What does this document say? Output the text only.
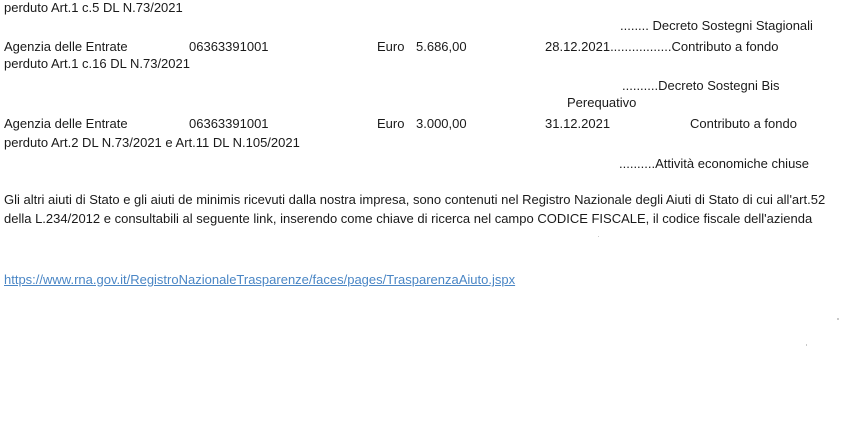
perduto Art.1 c.5 DL N.73/2021
........ Decreto Sostegni Stagionali
Agenzia delle Entrate	06363391001	Euro 5.686,00	28.12.2021.................Contributo a fondo
perduto Art.1 c.16 DL N.73/2021
..........Decreto Sostegni Bis
Perequativo
Agenzia delle Entrate	06363391001	Euro 3.000,00	31.12.2021	Contributo a fondo
perduto Art.2 DL N.73/2021 e Art.11 DL N.105/2021
..........Attività economiche chiuse
Gli altri aiuti di Stato e gli aiuti de minimis ricevuti dalla nostra impresa, sono contenuti nel Registro Nazionale degli Aiuti di Stato di cui all'art.52 della L.234/2012 e consultabili al seguente link, inserendo come chiave di ricerca nel campo CODICE FISCALE, il codice fiscale dell'azienda
https://www.rna.gov.it/RegistroNazionaleTrasparenze/faces/pages/TrasparenzaAiuto.jspx
